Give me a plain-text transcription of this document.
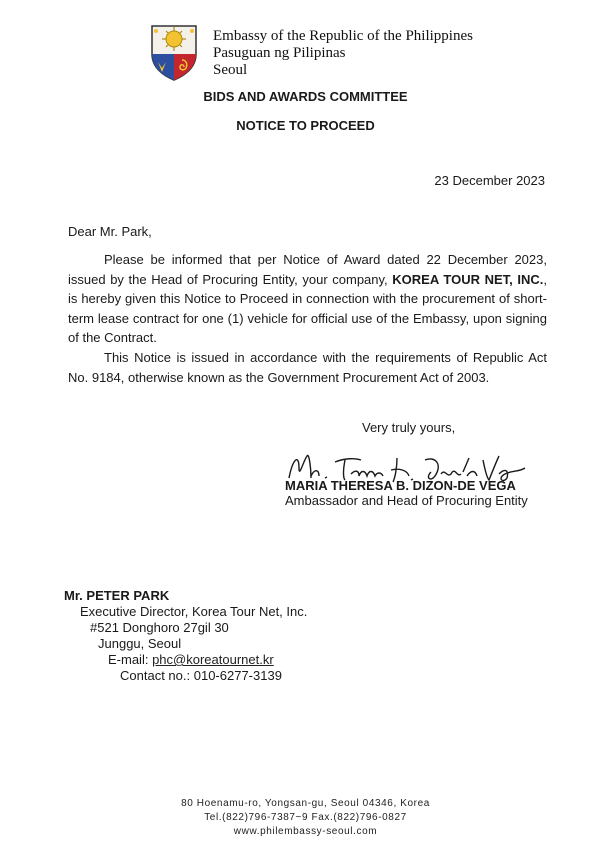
Embassy of the Republic of the Philippines
Pasuguan ng Pilipinas
Seoul
BIDS AND AWARDS COMMITTEE
NOTICE TO PROCEED
23 December 2023
Dear Mr. Park,
Please be informed that per Notice of Award dated 22 December 2023, issued by the Head of Procuring Entity, your company, KOREA TOUR NET, INC., is hereby given this Notice to Proceed in connection with the procurement of short-term lease contract for one (1) vehicle for official use of the Embassy, upon signing of the Contract.
This Notice is issued in accordance with the requirements of Republic Act No. 9184, otherwise known as the Government Procurement Act of 2003.
Very truly yours,
MARIA THERESA B. DIZON-DE VEGA
Ambassador and Head of Procuring Entity
Mr. PETER PARK
Executive Director, Korea Tour Net, Inc.
#521 Donghoro 27gil 30
Junggu, Seoul
E-mail: phc@koreatournet.kr
Contact no.: 010-6277-3139
80 Hoenamu-ro, Yongsan-gu, Seoul 04346, Korea
Tel.(822)796-7387~9 Fax.(822)796-0827
www.philembassy-seoul.com
